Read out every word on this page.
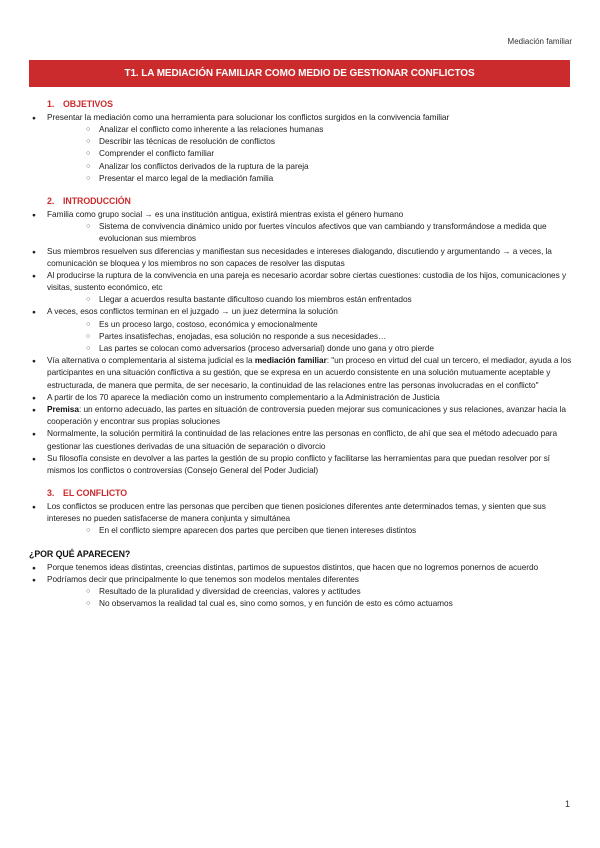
Mediación familiar
T1. LA MEDIACIÓN FAMILIAR COMO MEDIO DE GESTIONAR CONFLICTOS
1. OBJETIVOS
● Presentar la mediación como una herramienta para solucionar los conflictos surgidos en la convivencia familiar
○ Analizar el conflicto como inherente a las relaciones humanas
○ Describir las técnicas de resolución de conflictos
○ Comprender el conflicto familiar
○ Analizar los conflictos derivados de la ruptura de la pareja
○ Presentar el marco legal de la mediación familia
2. INTRODUCCIÓN
● Familia como grupo social → es una institución antigua, existirá mientras exista el género humano
○ Sistema de convivencia dinámico unido por fuertes vínculos afectivos que van cambiando y transformándose a medida que evolucionan sus miembros
● Sus miembros resuelven sus diferencias y manifiestan sus necesidades e intereses dialogando, discutiendo y argumentando → a veces, la comunicación se bloquea y los miembros no son capaces de resolver las disputas
● Al producirse la ruptura de la convivencia en una pareja es necesario acordar sobre ciertas cuestiones: custodia de los hijos, comunicaciones y visitas, sustento económico, etc
○ Llegar a acuerdos resulta bastante dificultoso cuando los miembros están enfrentados
● A veces, esos conflictos terminan en el juzgado → un juez determina la solución
○ Es un proceso largo, costoso, económica y emocionalmente
○ Partes insatisfechas, enojadas, esa solución no responde a sus necesidades…
○ Las partes se colocan como adversarios (proceso adversarial) donde uno gana y otro pierde
● Vía alternativa o complementaria al sistema judicial es la mediación familiar: "un proceso en virtud del cual un tercero, el mediador, ayuda a los participantes en una situación conflictiva a su gestión, que se expresa en un acuerdo consistente en una solución mutuamente aceptable y estructurada, de manera que permita, de ser necesario, la continuidad de las relaciones entre las personas involucradas en el conflicto"
● A partir de los 70 aparece la mediación como un instrumento complementario a la Administración de Justicia
● Premisa: un entorno adecuado, las partes en situación de controversia pueden mejorar sus comunicaciones y sus relaciones, avanzar hacia la cooperación y encontrar sus propias soluciones
● Normalmente, la solución permitirá la continuidad de las relaciones entre las personas en conflicto, de ahí que sea el método adecuado para gestionar las cuestiones derivadas de una situación de separación o divorcio
● Su filosofía consiste en devolver a las partes la gestión de su propio conflicto y facilitarse las herramientas para que puedan resolver por sí mismos los conflictos o controversias (Consejo General del Poder Judicial)
3. EL CONFLICTO
● Los conflictos se producen entre las personas que perciben que tienen posiciones diferentes ante determinados temas, y sienten que sus intereses no pueden satisfacerse de manera conjunta y simultánea
○ En el conflicto siempre aparecen dos partes que perciben que tienen intereses distintos
¿POR QUÉ APARECEN?
● Porque tenemos ideas distintas, creencias distintas, partimos de supuestos distintos, que hacen que no logremos ponernos de acuerdo
● Podríamos decir que principalmente lo que tenemos son modelos mentales diferentes
○ Resultado de la pluralidad y diversidad de creencias, valores y actitudes
○ No observamos la realidad tal cual es, sino como somos, y en función de esto es cómo actuamos
1
